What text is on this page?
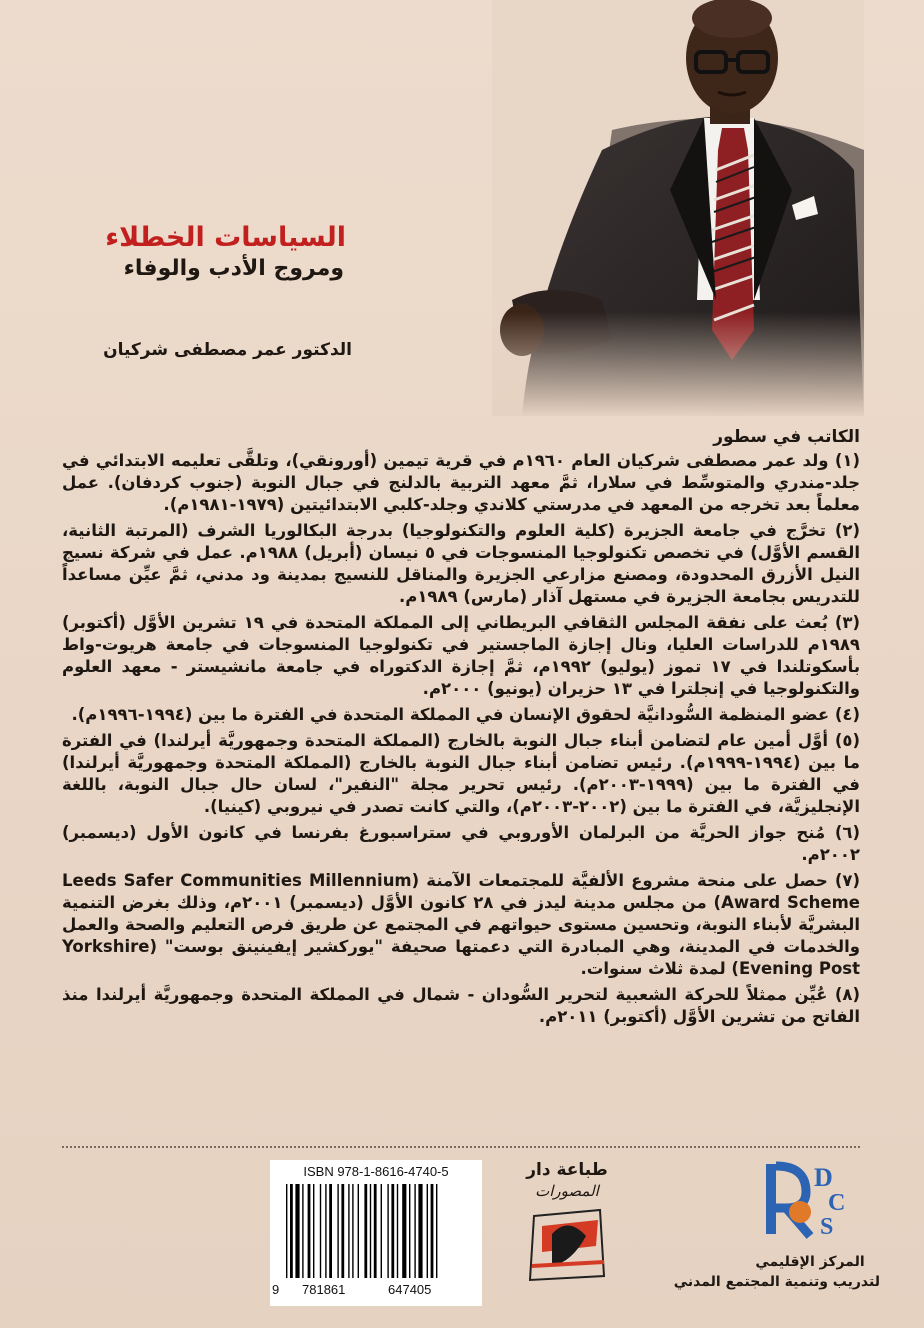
السياسات الخطلاء
ومروج الأدب والوفاء
الدكتور عمر مصطفى شركيان

الكاتب في سطور

(١) ولد عمر مصطفى شركيان العام ١٩٦٠م في قرية تيمين (أورونقي)، وتلقَّى تعليمه الابتدائي في جلد-مندري والمتوسِّط في سلارا، ثمَّ معهد التربية بالدلنج في جبال النوبة (جنوب كردفان). عمل معلماً بعد تخرجه من المعهد في مدرستي كلاندي وجلد-كلبي الابتدائيتين (١٩٧٩-١٩٨١م).

(٢) تخرَّج في جامعة الجزيرة (كلية العلوم والتكنولوجيا) بدرجة البكالوريا الشرف (المرتبة الثانية، القسم الأوَّل) في تخصص تكنولوجيا المنسوجات في ٥ نيسان (أبريل) ١٩٨٨م. عمل في شركة نسيج النيل الأزرق المحدودة، ومصنع مزارعي الجزيرة والمناقل للنسيج بمدينة ود مدني، ثمَّ عيِّن مساعداً للتدريس بجامعة الجزيرة في مستهل آذار (مارس) ١٩٨٩م.

(٣) بُعث على نفقة المجلس الثقافي البريطاني إلى المملكة المتحدة في ١٩ تشرين الأوَّل (أكتوبر) ١٩٨٩م للدراسات العليا، ونال إجازة الماجستير في تكنولوجيا المنسوجات في جامعة هريوت-واط بأسكوتلندا في ١٧ تموز (يوليو) ١٩٩٢م، ثمَّ إجازة الدكتوراه في جامعة مانشيستر - معهد العلوم والتكنولوجيا في إنجلترا في ١٣ حزيران (يونيو) ٢٠٠٠م.

(٤) عضو المنظمة السُّودانيَّة لحقوق الإنسان في المملكة المتحدة في الفترة ما بين (١٩٩٤-١٩٩٦م).

(٥) أوَّل أمين عام لتضامن أبناء جبال النوبة بالخارج (المملكة المتحدة وجمهوريَّة أيرلندا) في الفترة ما بين (١٩٩٤-١٩٩٩م). رئيس تضامن أبناء جبال النوبة بالخارج (المملكة المتحدة وجمهوريَّة أيرلندا) في الفترة ما بين (١٩٩٩-٢٠٠٣م). رئيس تحرير مجلة "النفير"، لسان حال جبال النوبة، باللغة الإنجليزيَّة، في الفترة ما بين (٢٠٠٢-٢٠٠٣م)، والتي كانت تصدر في نيروبي (كينيا).

(٦) مُنح جواز الحريَّة من البرلمان الأوروبي في ستراسبورغ بفرنسا في كانون الأول (ديسمبر) ٢٠٠٢م.

(٧) حصل على منحة مشروع الألفيَّة للمجتمعات الآمنة (Leeds Safer Communities Millennium Award Scheme) من مجلس مدينة ليدز في ٢٨ كانون الأوَّل (ديسمبر) ٢٠٠١م، وذلك بغرض التنمية البشريَّة لأبناء النوبة، وتحسين مستوى حيواتهم في المجتمع عن طريق فرص التعليم والصحة والعمل والخدمات في المدينة، وهي المبادرة التي دعمتها صحيفة "يوركشير إيفينينق بوست" (Yorkshire Evening Post) لمدة ثلاث سنوات.

(٨) عُيِّن ممثلاً للحركة الشعبية لتحرير السُّودان - شمال في المملكة المتحدة وجمهوريَّة أيرلندا منذ الفاتح من تشرين الأوَّل (أكتوبر) ٢٠١١م.

ISBN 978-1-8616-4740-5
9 781861	647405
طباعة دار
المصورات	D
C
S
المركز الإقليمي
لتدريب وتنمية المجتمع المدني
